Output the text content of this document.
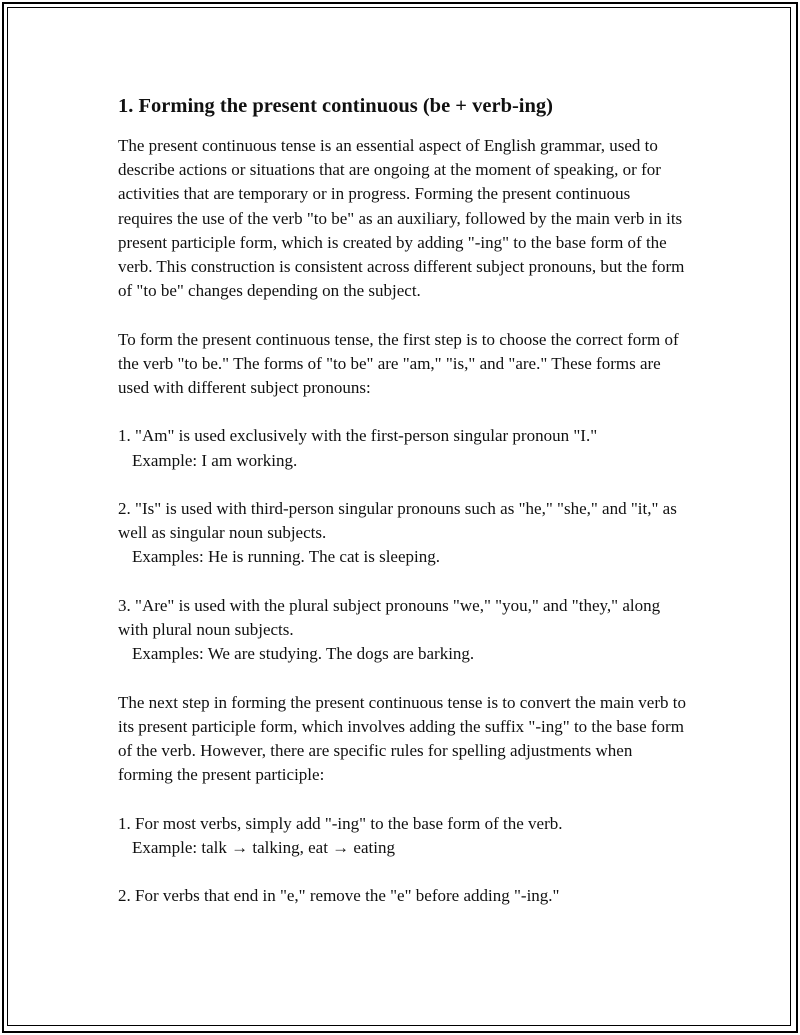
1. Forming the present continuous (be + verb-ing)

The present continuous tense is an essential aspect of English grammar, used to describe actions or situations that are ongoing at the moment of speaking, or for activities that are temporary or in progress. Forming the present continuous requires the use of the verb "to be" as an auxiliary, followed by the main verb in its present participle form, which is created by adding "-ing" to the base form of the verb. This construction is consistent across different subject pronouns, but the form of "to be" changes depending on the subject.

To form the present continuous tense, the first step is to choose the correct form of the verb "to be." The forms of "to be" are "am," "is," and "are." These forms are used with different subject pronouns:

1. "Am" is used exclusively with the first-person singular pronoun "I."

Example: I am working.

2. "Is" is used with third-person singular pronouns such as "he," "she," and "it," as well as singular noun subjects.

Examples: He is running. The cat is sleeping.

3. "Are" is used with the plural subject pronouns "we," "you," and "they," along with plural noun subjects.

Examples: We are studying. The dogs are barking.

The next step in forming the present continuous tense is to convert the main verb to its present participle form, which involves adding the suffix "-ing" to the base form of the verb. However, there are specific rules for spelling adjustments when forming the present participle:

1. For most verbs, simply add "-ing" to the base form of the verb.

Example: talk → talking, eat → eating

2. For verbs that end in "e," remove the "e" before adding "-ing."
